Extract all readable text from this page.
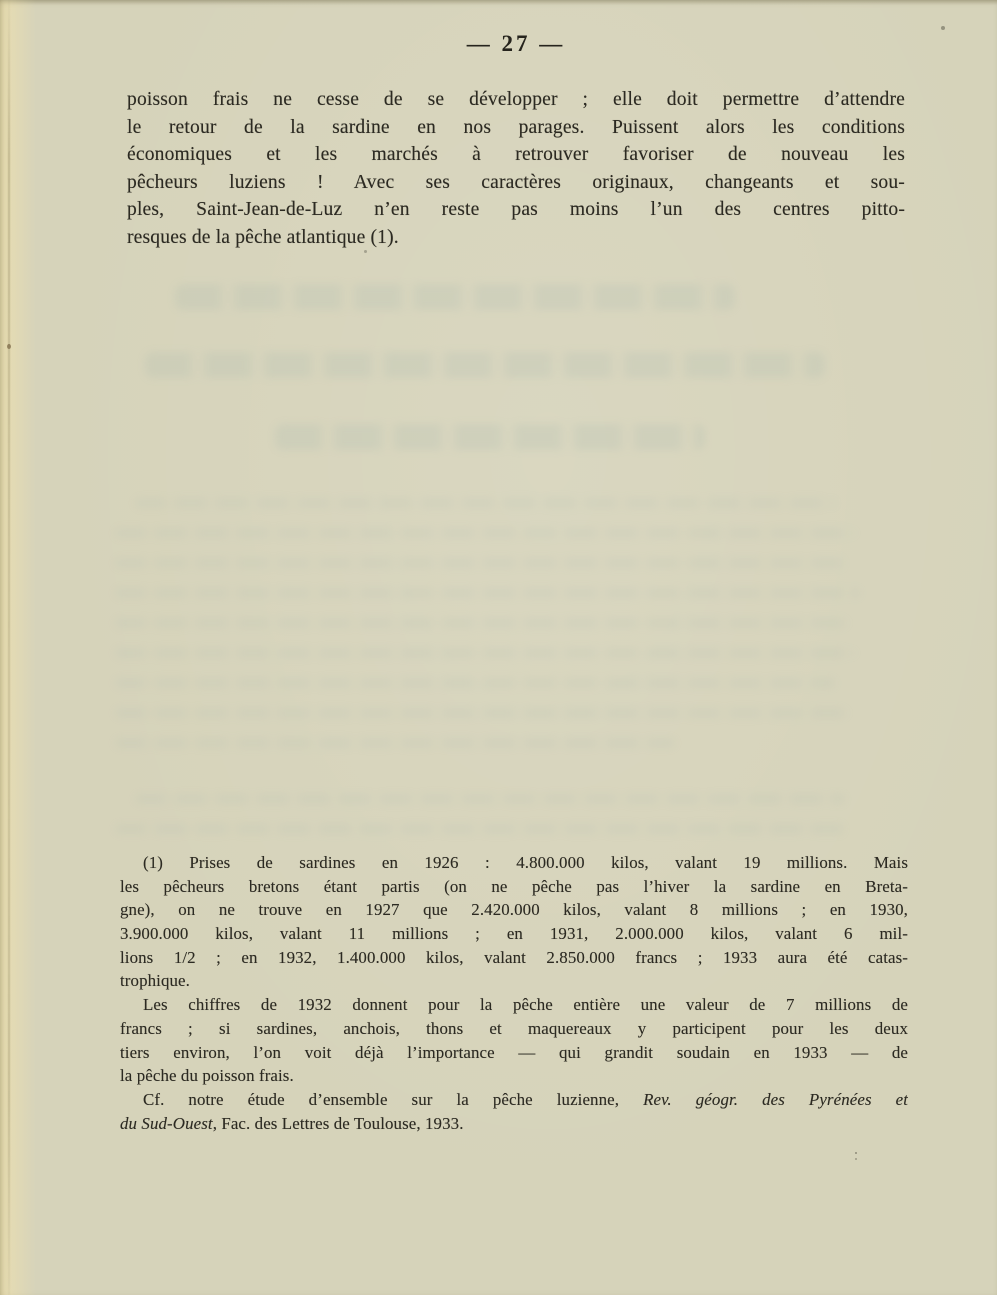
— 27 —
poisson frais ne cesse de se développer ; elle doit permettre d’attendre
le retour de la sardine en nos parages. Puissent alors les conditions
économiques et les marchés à retrouver favoriser de nouveau les
pêcheurs luziens ! Avec ses caractères originaux, changeants et sou-
ples, Saint-Jean-de-Luz n’en reste pas moins l’un des centres pitto-
resques de la pêche atlantique (1).
(1) Prises de sardines en 1926 : 4.800.000 kilos, valant 19 millions. Mais
les pêcheurs bretons étant partis (on ne pêche pas l’hiver la sardine en Breta-
gne), on ne trouve en 1927 que 2.420.000 kilos, valant 8 millions ; en 1930,
3.900.000 kilos, valant 11 millions ; en 1931, 2.000.000 kilos, valant 6 mil-
lions 1/2 ; en 1932, 1.400.000 kilos, valant 2.850.000 francs ; 1933 aura été catas-
trophique.
Les chiffres de 1932 donnent pour la pêche entière une valeur de 7 millions de
francs ; si sardines, anchois, thons et maquereaux y participent pour les deux
tiers environ, l’on voit déjà l’importance — qui grandit soudain en 1933 — de
la pêche du poisson frais.
Cf. notre étude d’ensemble sur la pêche luzienne, Rev. géogr. des Pyrénées et
du Sud-Ouest, Fac. des Lettres de Toulouse, 1933.
